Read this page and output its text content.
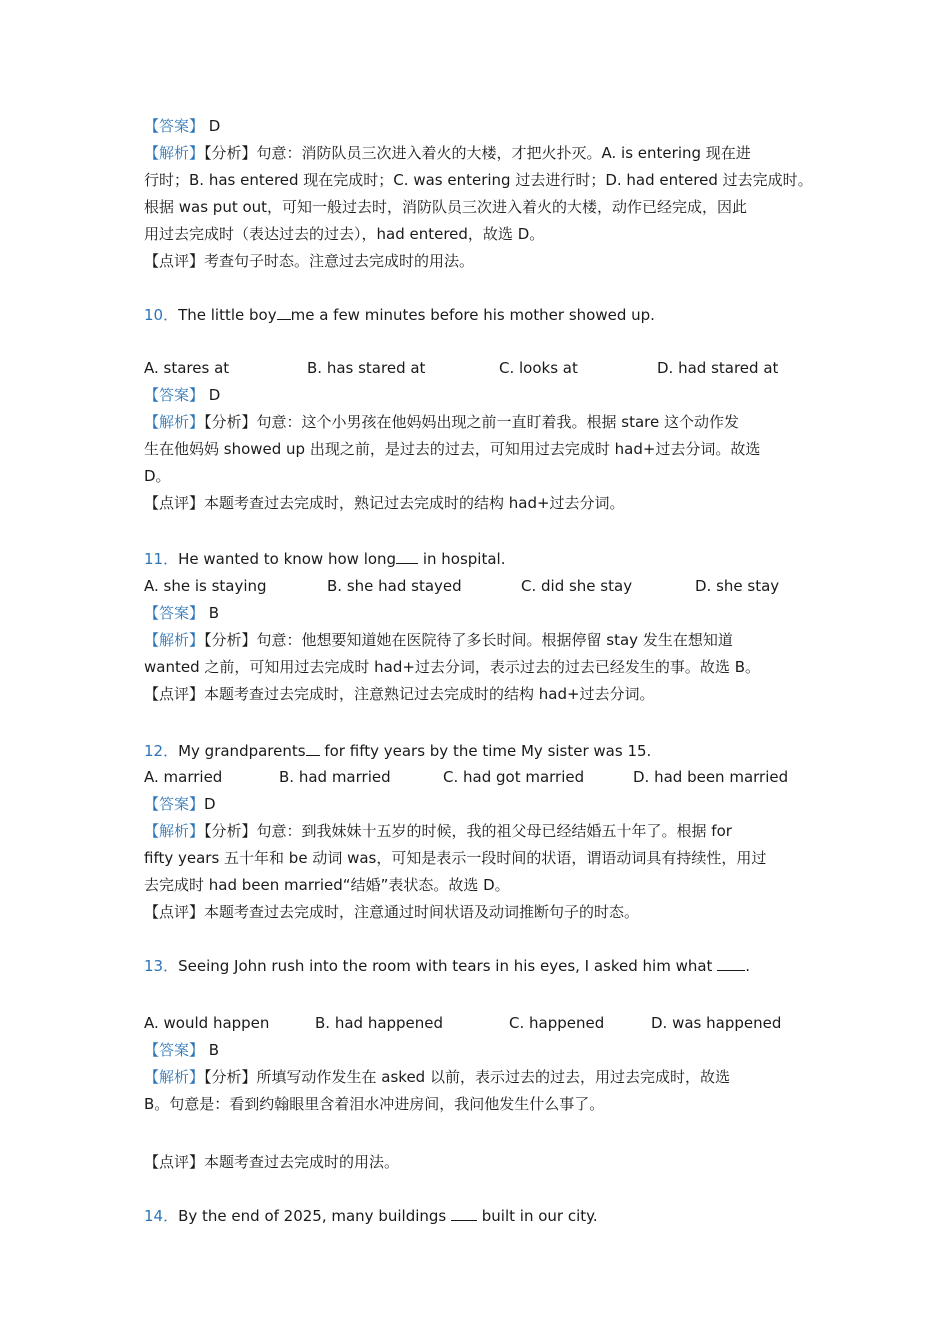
【答案】 D
【解析】【分析】句意：消防队员三次进入着火的大楼，才把火扑灭。A. is entering 现在进
行时；B. has entered 现在完成时；C. was entering 过去进行时；D. had entered 过去完成时。
根据 was put out，可知一般过去时，消防队员三次进入着火的大楼，动作已经完成，因此
用过去完成时（表达过去的过去），had entered，故选 D。
【点评】考查句子时态。注意过去完成时的用法。
10．The little boy me a few minutes before his mother showed up.
A. stares at	B. has stared at	C. looks at	D. had stared at
【答案】 D
【解析】【分析】句意：这个小男孩在他妈妈出现之前一直盯着我。根据 stare 这个动作发
生在他妈妈 showed up 出现之前，是过去的过去，可知用过去完成时 had+过去分词。故选
D。
【点评】本题考查过去完成时，熟记过去完成时的结构 had+过去分词。
11．He wanted to know how long in hospital.
A. she is staying	B. she had stayed	C. did she stay	D. she stay
【答案】 B
【解析】【分析】句意：他想要知道她在医院待了多长时间。根据停留 stay 发生在想知道
wanted 之前，可知用过去完成时 had+过去分词，表示过去的过去已经发生的事。故选 B。
【点评】本题考查过去完成时，注意熟记过去完成时的结构 had+过去分词。
12．My grandparents for fifty years by the time My sister was 15.
A. married	B. had married	C. had got married	D. had been married
【答案】D
【解析】【分析】句意：到我妹妹十五岁的时候，我的祖父母已经结婚五十年了。根据 for
fifty years 五十年和 be 动词 was，可知是表示一段时间的状语，谓语动词具有持续性，用过
去完成时 had been married“结婚”表状态。故选 D。
【点评】本题考查过去完成时，注意通过时间状语及动词推断句子的时态。
13．Seeing John rush into the room with tears in his eyes, I asked him what .
A. would happen	B. had happened	C. happened	D. was happened
【答案】 B
【解析】【分析】所填写动作发生在 asked 以前，表示过去的过去，用过去完成时，故选
B。句意是：看到约翰眼里含着泪水冲进房间，我问他发生什么事了。
【点评】本题考查过去完成时的用法。
14．By the end of 2025, many buildings  built in our city.
